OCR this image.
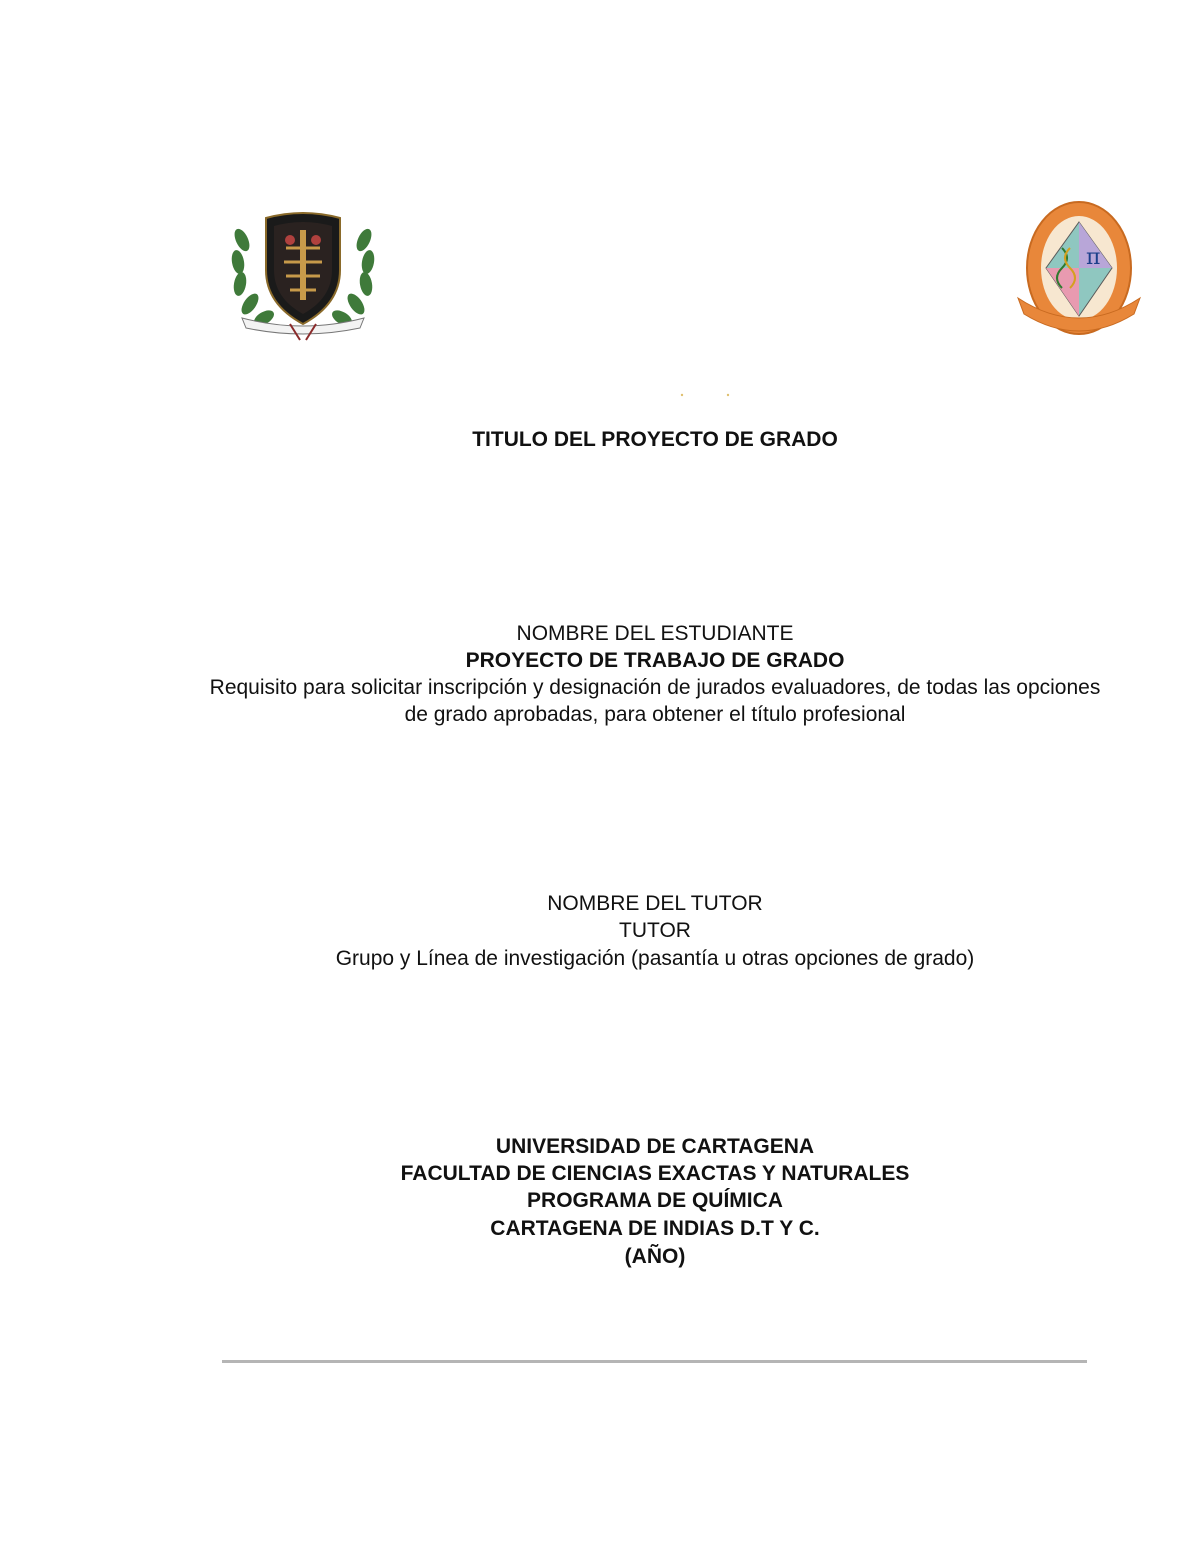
π
TITULO DEL PROYECTO DE GRADO
NOMBRE DEL ESTUDIANTE
PROYECTO DE TRABAJO DE GRADO
Requisito para solicitar inscripción y designación de jurados evaluadores, de todas las opciones
de grado aprobadas, para obtener el título profesional
NOMBRE DEL TUTOR
TUTOR
Grupo y Línea de investigación (pasantía u otras opciones de grado)
UNIVERSIDAD DE CARTAGENA
FACULTAD DE CIENCIAS EXACTAS Y NATURALES
PROGRAMA DE QUÍMICA
CARTAGENA DE INDIAS D.T Y C.
(AÑO)
